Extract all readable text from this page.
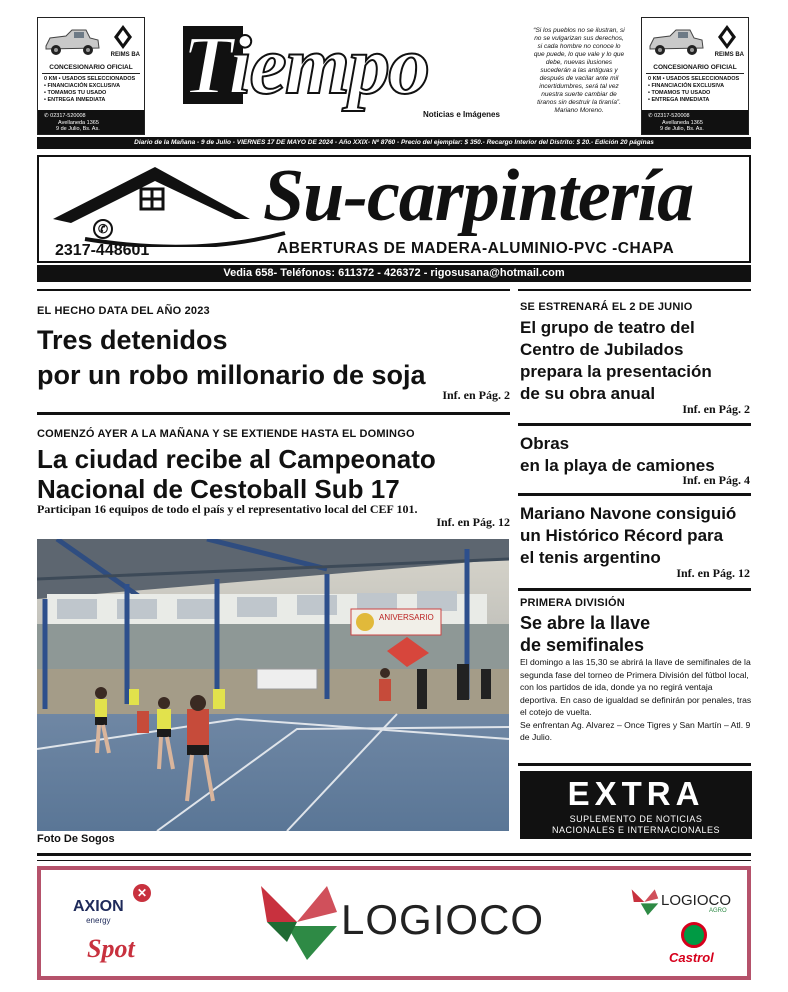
REIMS BA
CONCESIONARIO OFICIAL
0 KM • USADOS SELECCIONADOS
• FINANCIACIÓN EXCLUSIVA
• TOMAMOS TU USADO
• ENTREGA INMEDIATA
✆ 02317-520008
Avellaneda 1365
9 de Julio, Bs. As.
Tiempo
Noticias e Imágenes
“Si los pueblos no se ilustran, si no se vulgarizan sus derechos, si cada hombre no conoce lo que puede, lo que vale y lo que debe, nuevas ilusiones sucederán a las antiguas y después de vacilar ante mil incertidumbres, será tal vez nuestra suerte cambiar de tiranos sin destruir la tiranía”. Mariano Moreno.
REIMS BA
CONCESIONARIO OFICIAL
0 KM • USADOS SELECCIONADOS
• FINANCIACIÓN EXCLUSIVA
• TOMAMOS TU USADO
• ENTREGA INMEDIATA
✆ 02317-520008
Avellaneda 1365
9 de Julio, Bs. As.
Diario de la Mañana - 9 de Julio - VIERNES 17 DE MAYO DE 2024 - Año XXIX- Nº 8760 - Precio del ejemplar: $ 350.- Recargo Interior del Distrito: $ 20.- Edición 20 páginas
✆ Su-carpintería
2317-448601	ABERTURAS DE MADERA-ALUMINIO-PVC -CHAPA
Vedia 658- Teléfonos: 611372 - 426372 - rigosusana@hotmail.com
EL HECHO DATA DEL AÑO 2023
Tres detenidos
por un robo millonario de soja
Inf. en Pág. 2
COMENZÓ AYER A LA MAÑANA Y SE EXTIENDE HASTA EL DOMINGO
La ciudad recibe al Campeonato
Nacional de Cestoball Sub 17
Participan 16 equipos de todo el país y el representativo local del CEF 101.
Inf. en Pág. 12
ANIVERSARIO
Foto De Sogos
SE ESTRENARÁ EL 2 DE JUNIO
El grupo de teatro del
Centro de Jubilados
prepara la presentación
de su obra anual
Inf. en Pág. 2
Obras
en la playa de camiones
Inf. en Pág. 4
Mariano Navone consiguió
un Histórico Récord para
el tenis argentino
Inf. en Pág. 12
PRIMERA DIVISIÓN
Se abre la llave
de semifinales
El domingo a las 15,30 se abrirá la llave de semifinales de la segunda fase del torneo de Primera División del fútbol local, con los partidos de ida, donde ya no regirá ventaja deportiva. En caso de igualdad se definirán por penales, tras el cotejo de vuelta.
Se enfrentan Ag. Alvarez – Once Tigres y San Martín – Atl. 9 de Julio.
EXTRA
SUPLEMENTO DE NOTICIAS
NACIONALES E INTERNACIONALES
AXION
✕
energy
Spot
LOGIOCO	LOGIOCO
AGRO
Castrol
